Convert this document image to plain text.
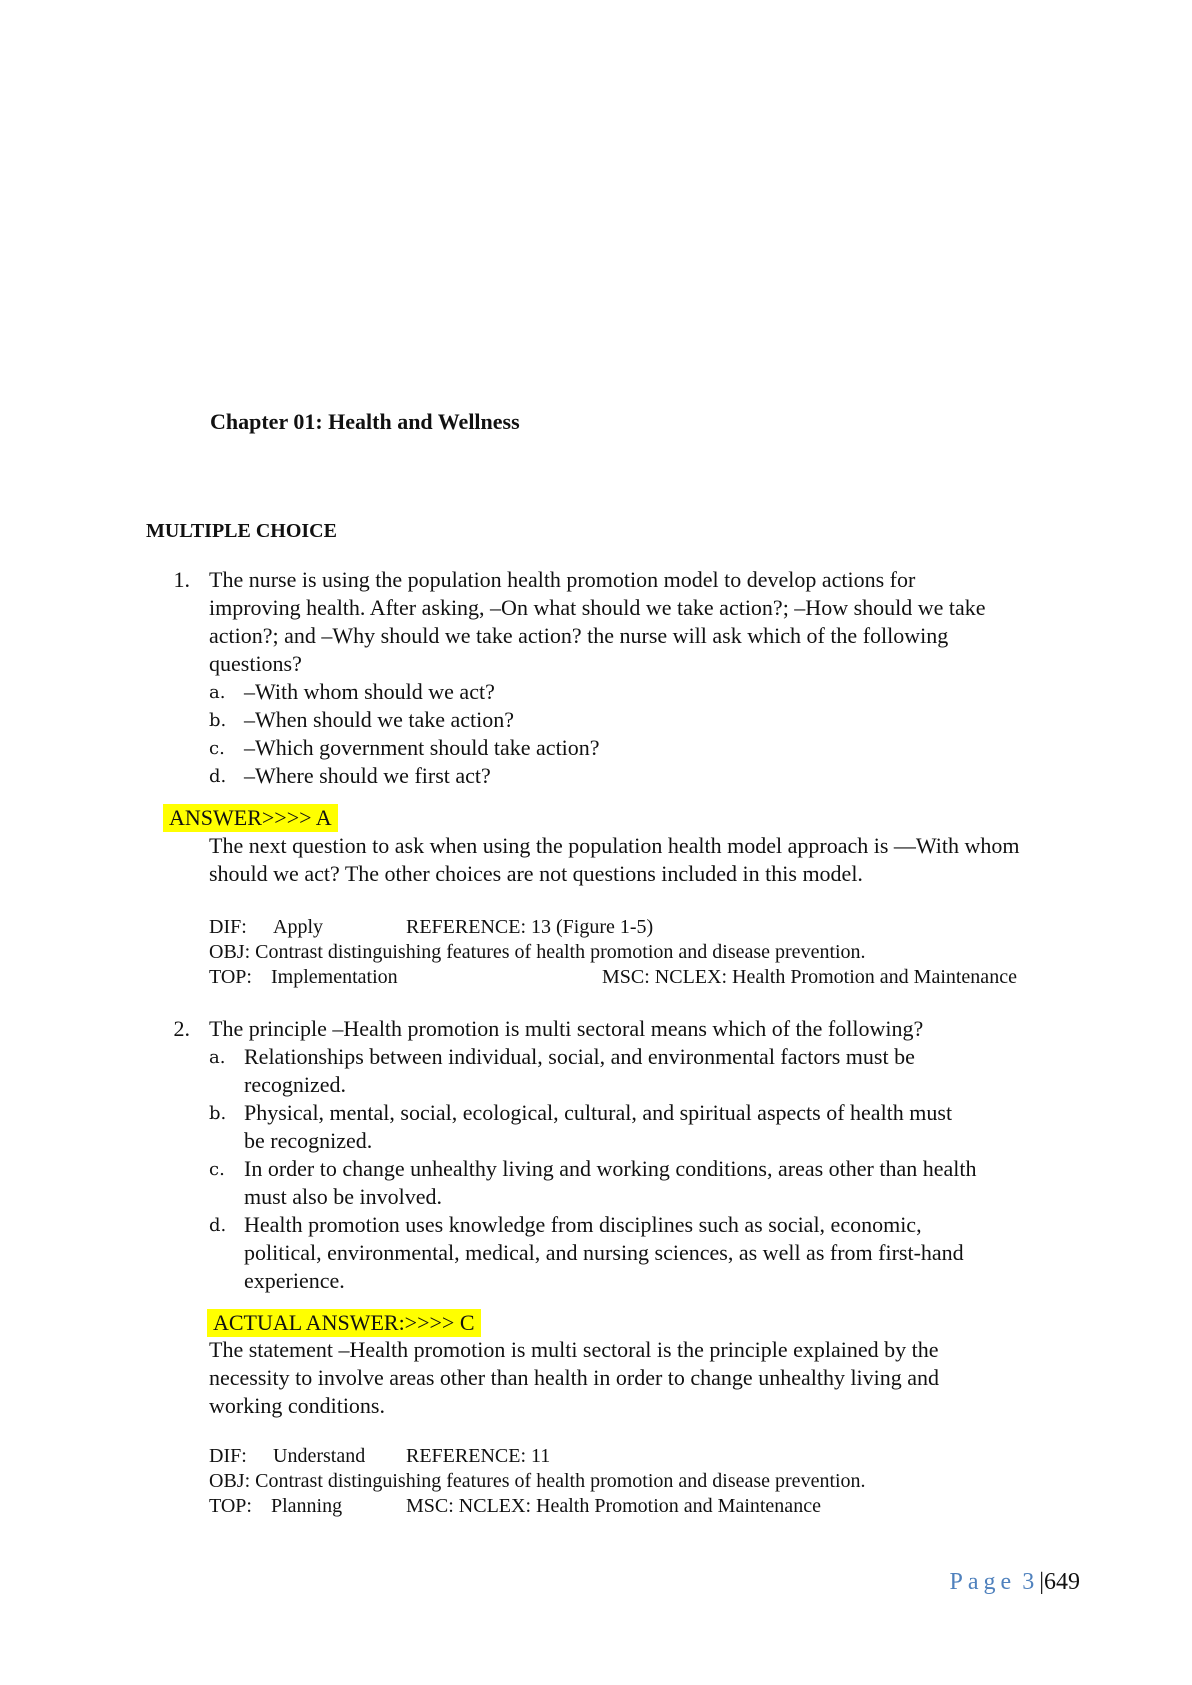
Chapter 01: Health and Wellness
MULTIPLE CHOICE
1. The nurse is using the population health promotion model to develop actions for
improving health. After asking, –On what should we take action?; –How should we take
action?; and –Why should we take action? the nurse will ask which of the following
questions?
a. –With whom should we act?
b. –When should we take action?
c. –Which government should take action?
d. –Where should we first act?
ANSWER>>>> A
The next question to ask when using the population health model approach is —With whom
should we act? The other choices are not questions included in this model.
DIF: Apply	REFERENCE: 13 (Figure 1-5)
OBJ: Contrast distinguishing features of health promotion and disease prevention.
TOP: Implementation	MSC: NCLEX: Health Promotion and Maintenance
2. The principle –Health promotion is multi sectoral means which of the following?
a. Relationships between individual, social, and environmental factors must be
recognized.
b. Physical, mental, social, ecological, cultural, and spiritual aspects of health must
be recognized.
c. In order to change unhealthy living and working conditions, areas other than health
must also be involved.
d. Health promotion uses knowledge from disciplines such as social, economic,
political, environmental, medical, and nursing sciences, as well as from first-hand
experience.
ACTUAL ANSWER:>>>> C
The statement –Health promotion is multi sectoral is the principle explained by the
necessity to involve areas other than health in order to change unhealthy living and
working conditions.
DIF: Understand REFERENCE: 11
OBJ: Contrast distinguishing features of health promotion and disease prevention.
TOP: Planning	MSC: NCLEX: Health Promotion and Maintenance
Page 3|649
